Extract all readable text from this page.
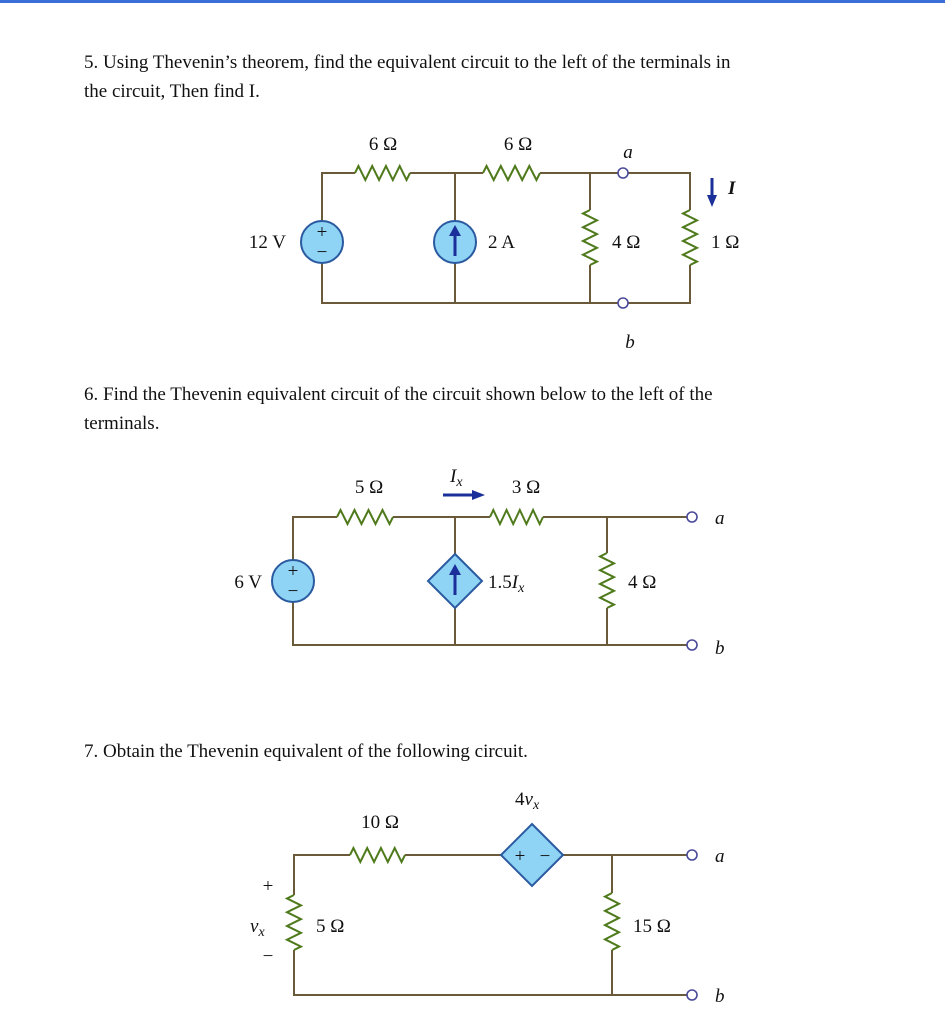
5. Using Thevenin’s theorem, find the equivalent circuit to the left of the terminals in
the circuit, Then find I.
6. Find the Thevenin equivalent circuit of the circuit shown below to the left of the
terminals.
7. Obtain the Thevenin equivalent of the following circuit.
+
−
6 Ω	6 Ω	a
b
I
12 V	2 A	4 Ω	1 Ω
+
−
5 Ω	3 Ω
$I_x$
6 V	$1.5I_x$	4 Ω
a
b
+ −
10 Ω
$4v_x$
+
$v_x$
−
5 Ω	15 Ω
a
b
